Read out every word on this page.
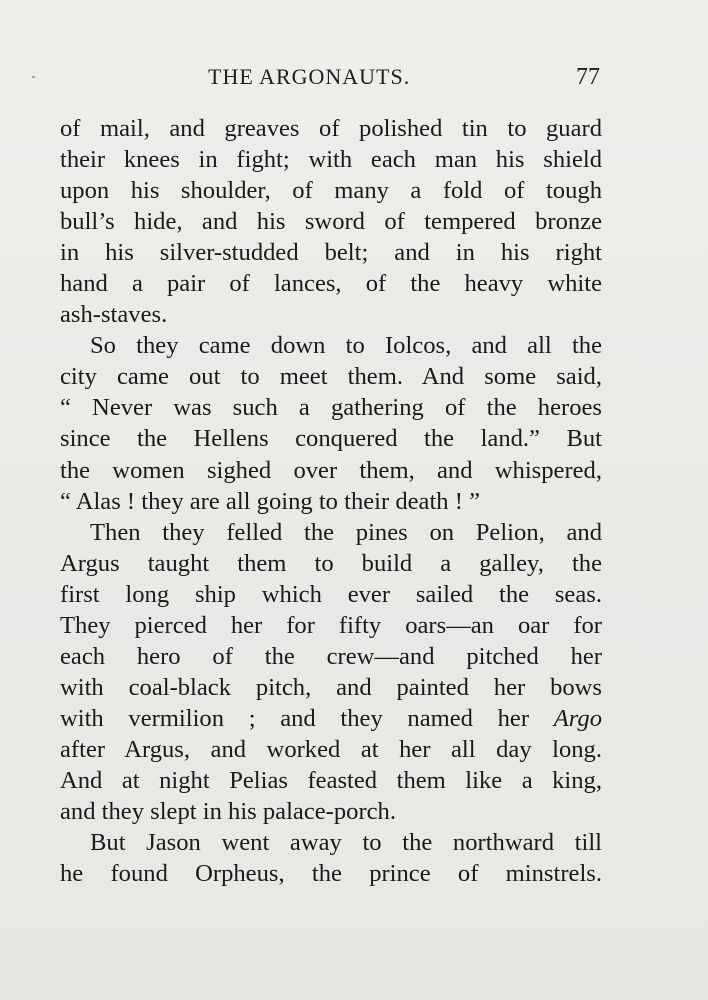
THE ARGONAUTS.	77
of mail, and greaves of polished tin to guard
their knees in fight; with each man his shield
upon his shoulder, of many a fold of tough
bull’s hide, and his sword of tempered bronze
in his silver-studded belt; and in his right
hand a pair of lances, of the heavy white
ash-staves.
So they came down to Iolcos, and all the
city came out to meet them. And some said,
“ Never was such a gathering of the heroes
since the Hellens conquered the land.” But
the women sighed over them, and whispered,
“ Alas ! they are all going to their death ! ”
Then they felled the pines on Pelion, and
Argus taught them to build a galley, the
first long ship which ever sailed the seas.
They pierced her for fifty oars—an oar for
each hero of the crew—and pitched her
with coal-black pitch, and painted her bows
with vermilion ; and they named her Argo
after Argus, and worked at her all day long.
And at night Pelias feasted them like a king,
and they slept in his palace-porch.
But Jason went away to the northward till
he found Orpheus, the prince of minstrels.
